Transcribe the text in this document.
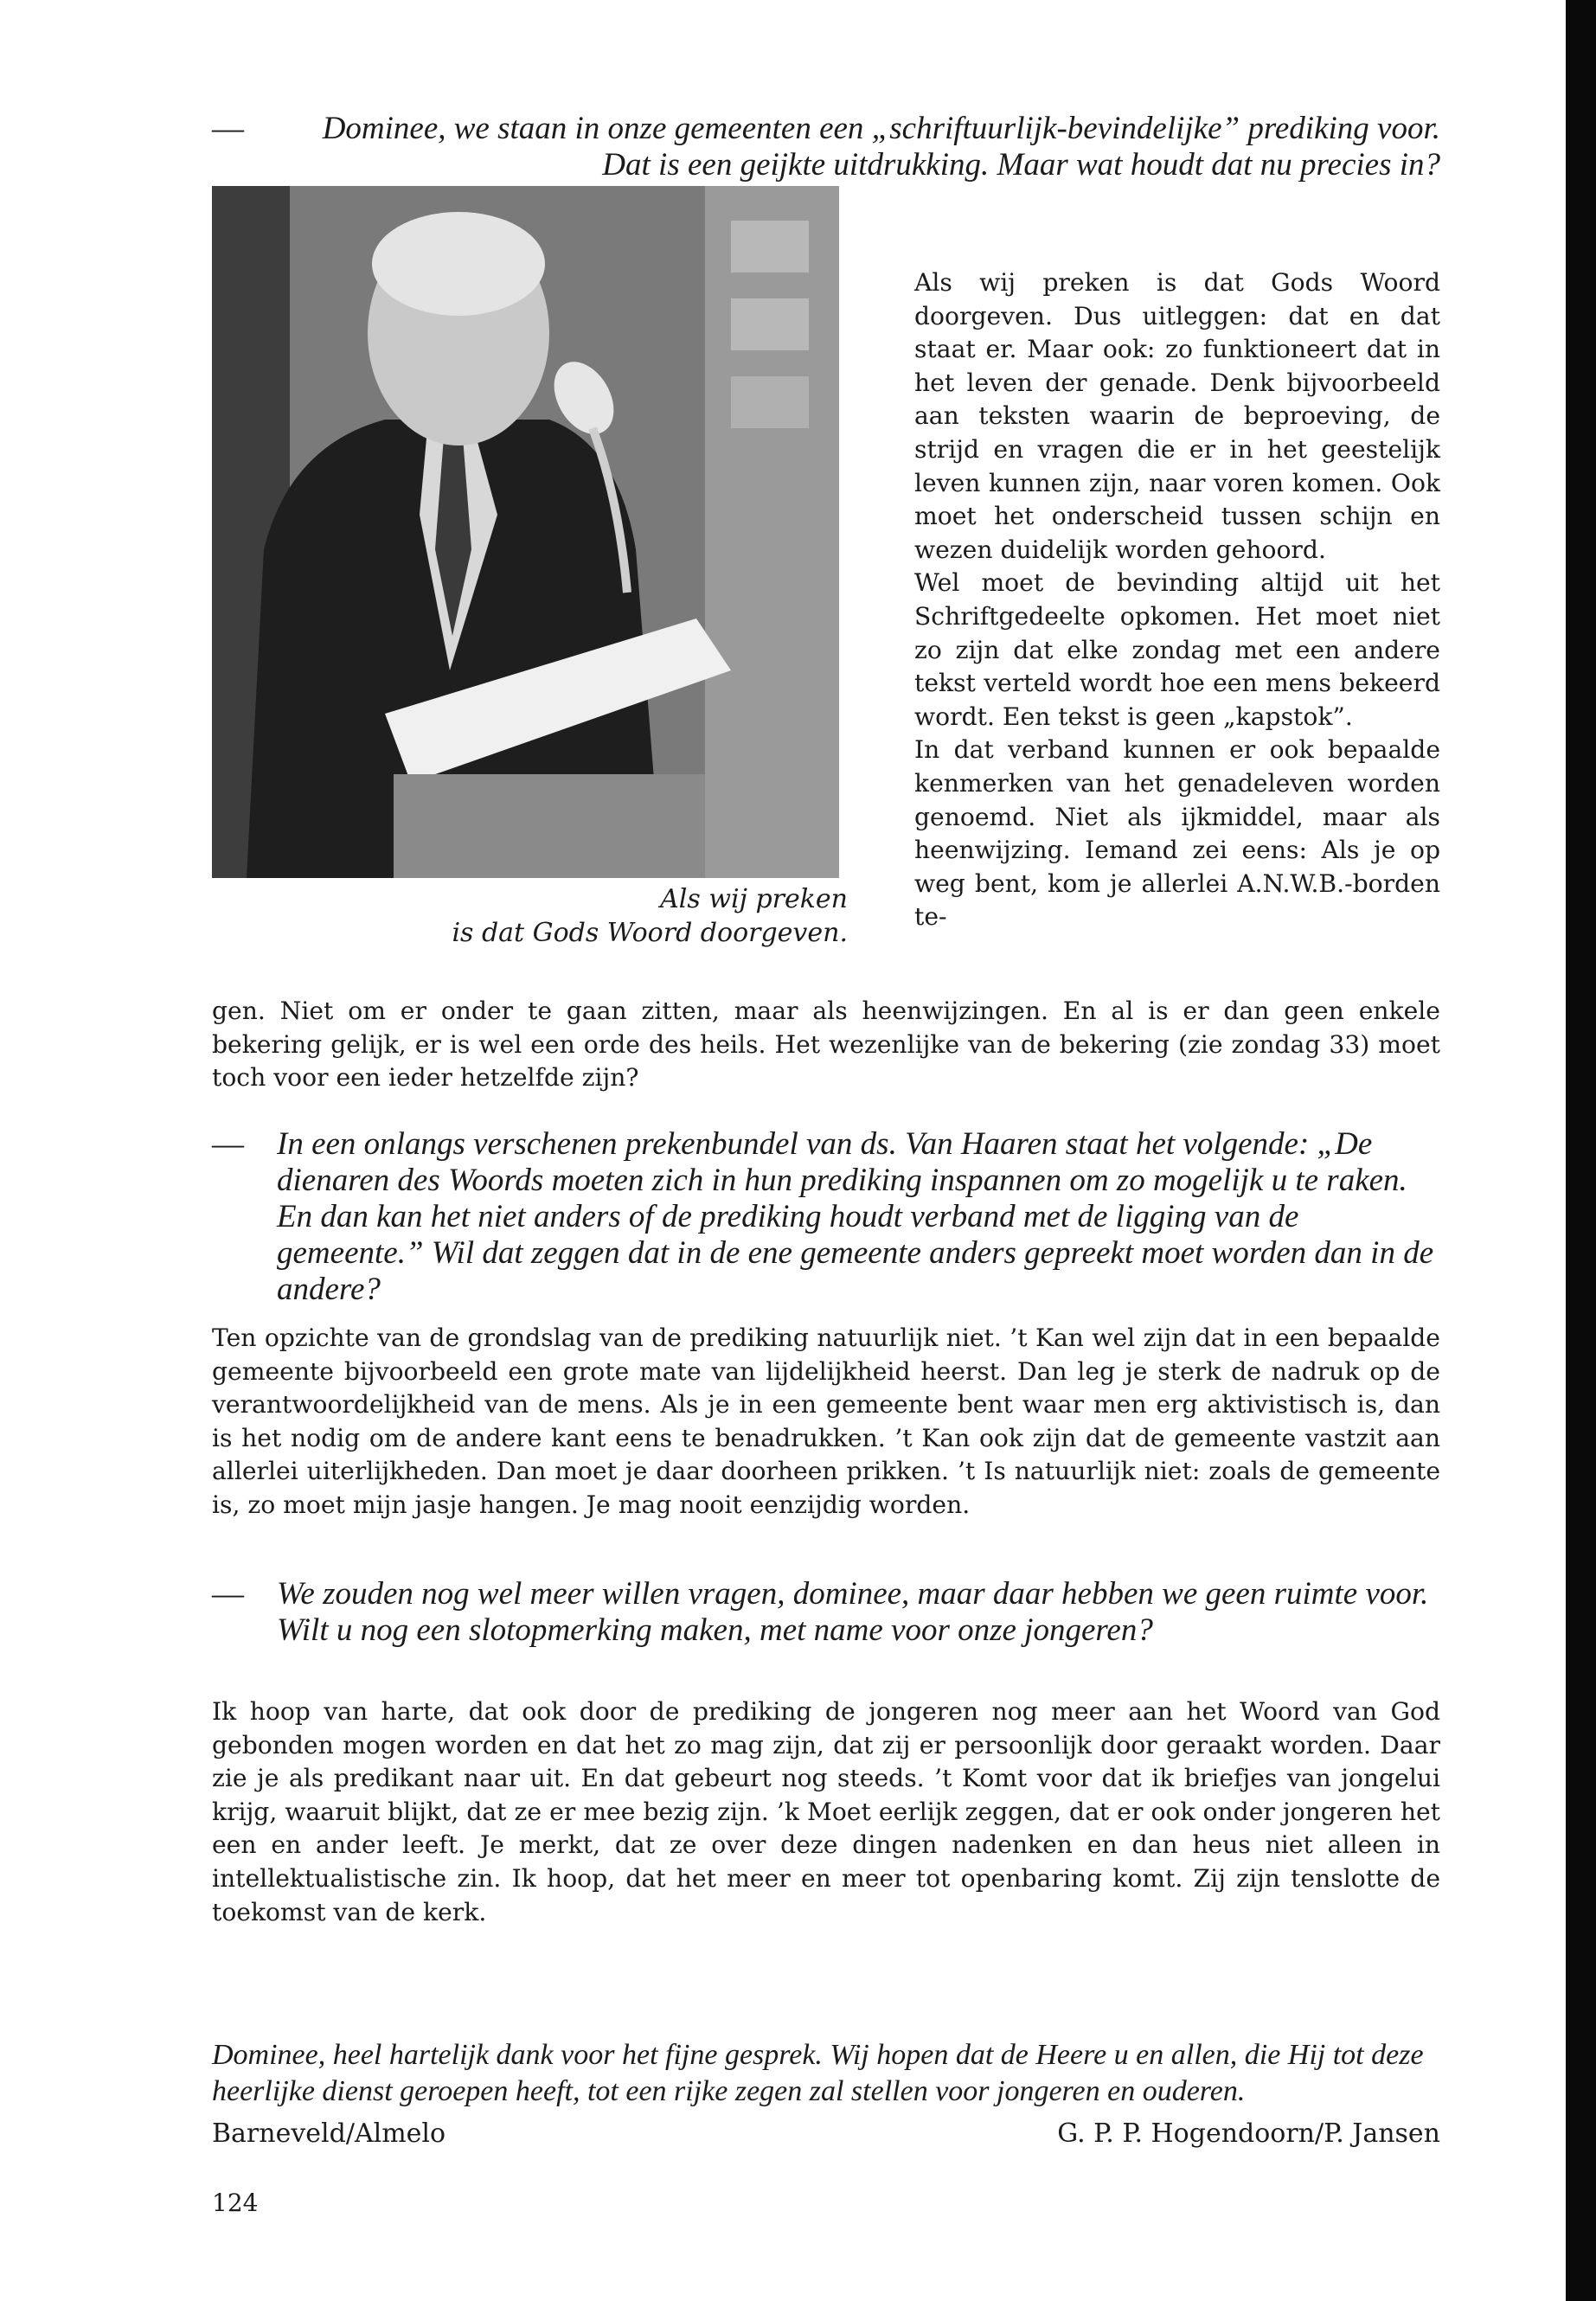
—	Dominee, we staan in onze gemeenten een „schriftuurlijk-bevindelijke” prediking voor. Dat is een geijkte uitdrukking. Maar wat houdt dat nu precies in?
Als wij preken
is dat Gods Woord doorgeven.

Als wij preken is dat Gods Woord doorgeven. Dus uitleggen: dat en dat staat er. Maar ook: zo funktioneert dat in het leven der genade. Denk bijvoorbeeld aan teksten waarin de beproeving, de strijd en vragen die er in het geestelijk leven kunnen zijn, naar voren komen. Ook moet het onderscheid tussen schijn en wezen duidelijk worden gehoord.

Wel moet de bevinding altijd uit het Schriftgedeelte opkomen. Het moet niet zo zijn dat elke zondag met een andere tekst verteld wordt hoe een mens bekeerd wordt. Een tekst is geen „kapstok”.

In dat verband kunnen er ook bepaalde kenmerken van het genadeleven worden genoemd. Niet als ijkmiddel, maar als heenwijzing. Iemand zei eens: Als je op weg bent, kom je allerlei A.N.W.B.-borden te-

gen. Niet om er onder te gaan zitten, maar als heenwijzingen. En al is er dan geen enkele bekering gelijk, er is wel een orde des heils. Het wezenlijke van de bekering (zie zondag 33) moet toch voor een ieder hetzelfde zijn?

—	In een onlangs verschenen prekenbundel van ds. Van Haaren staat het volgende: „De dienaren des Woords moeten zich in hun prediking inspannen om zo mogelijk u te raken. En dan kan het niet anders of de prediking houdt verband met de ligging van de gemeente.” Wil dat zeggen dat in de ene gemeente anders gepreekt moet worden dan in de andere?

Ten opzichte van de grondslag van de prediking natuurlijk niet. ’t Kan wel zijn dat in een bepaalde gemeente bijvoorbeeld een grote mate van lijdelijkheid heerst. Dan leg je sterk de nadruk op de verantwoordelijkheid van de mens. Als je in een gemeente bent waar men erg aktivistisch is, dan is het nodig om de andere kant eens te benadrukken. ’t Kan ook zijn dat de gemeente vastzit aan allerlei uiterlijkheden. Dan moet je daar doorheen prikken. ’t Is natuurlijk niet: zoals de gemeente is, zo moet mijn jasje hangen. Je mag nooit eenzijdig worden.

—	We zouden nog wel meer willen vragen, dominee, maar daar hebben we geen ruimte voor. Wilt u nog een slotopmerking maken, met name voor onze jongeren?

Ik hoop van harte, dat ook door de prediking de jongeren nog meer aan het Woord van God gebonden mogen worden en dat het zo mag zijn, dat zij er persoonlijk door geraakt worden. Daar zie je als predikant naar uit. En dat gebeurt nog steeds. ’t Komt voor dat ik briefjes van jongelui krijg, waaruit blijkt, dat ze er mee bezig zijn. ’k Moet eerlijk zeggen, dat er ook onder jongeren het een en ander leeft. Je merkt, dat ze over deze dingen nadenken en dan heus niet alleen in intellektualistische zin. Ik hoop, dat het meer en meer tot openbaring komt. Zij zijn tenslotte de toekomst van de kerk.

Dominee, heel hartelijk dank voor het fijne gesprek. Wij hopen dat de Heere u en allen, die Hij tot deze heerlijke dienst geroepen heeft, tot een rijke zegen zal stellen voor jongeren en ouderen.
Barneveld/Almelo	G. P. P. Hogendoorn/P. Jansen
124
